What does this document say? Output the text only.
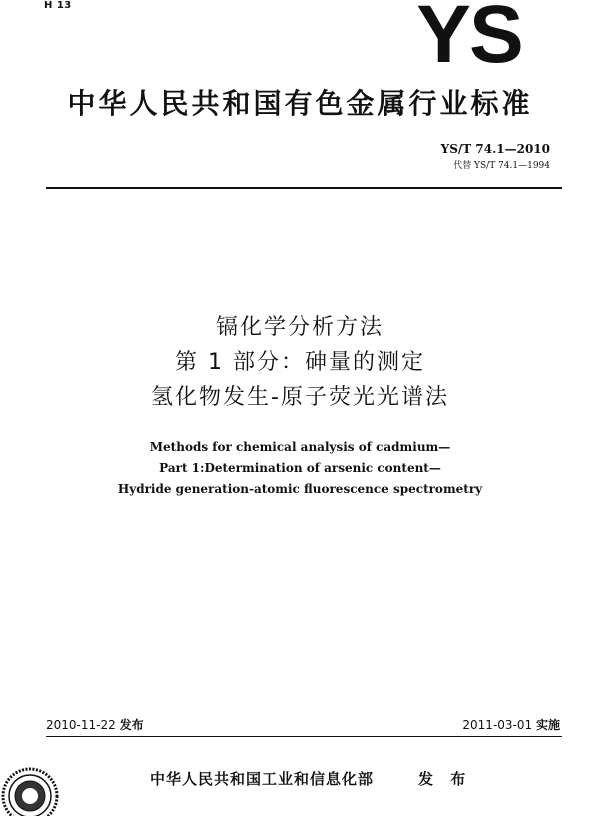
H 13	YS
中华人民共和国有色金属行业标准
YS/T 74.1—2010
代替 YS/T 74.1—1994
镉化学分析方法
第 1 部分：砷量的测定
氢化物发生-原子荧光光谱法
Methods for chemical analysis of cadmium—
Part 1:Determination of arsenic content—
Hydride generation-atomic fluorescence spectrometry
2010-11-22 发布	2011-03-01 实施
中华人民共和国工业和信息化部	发 布
